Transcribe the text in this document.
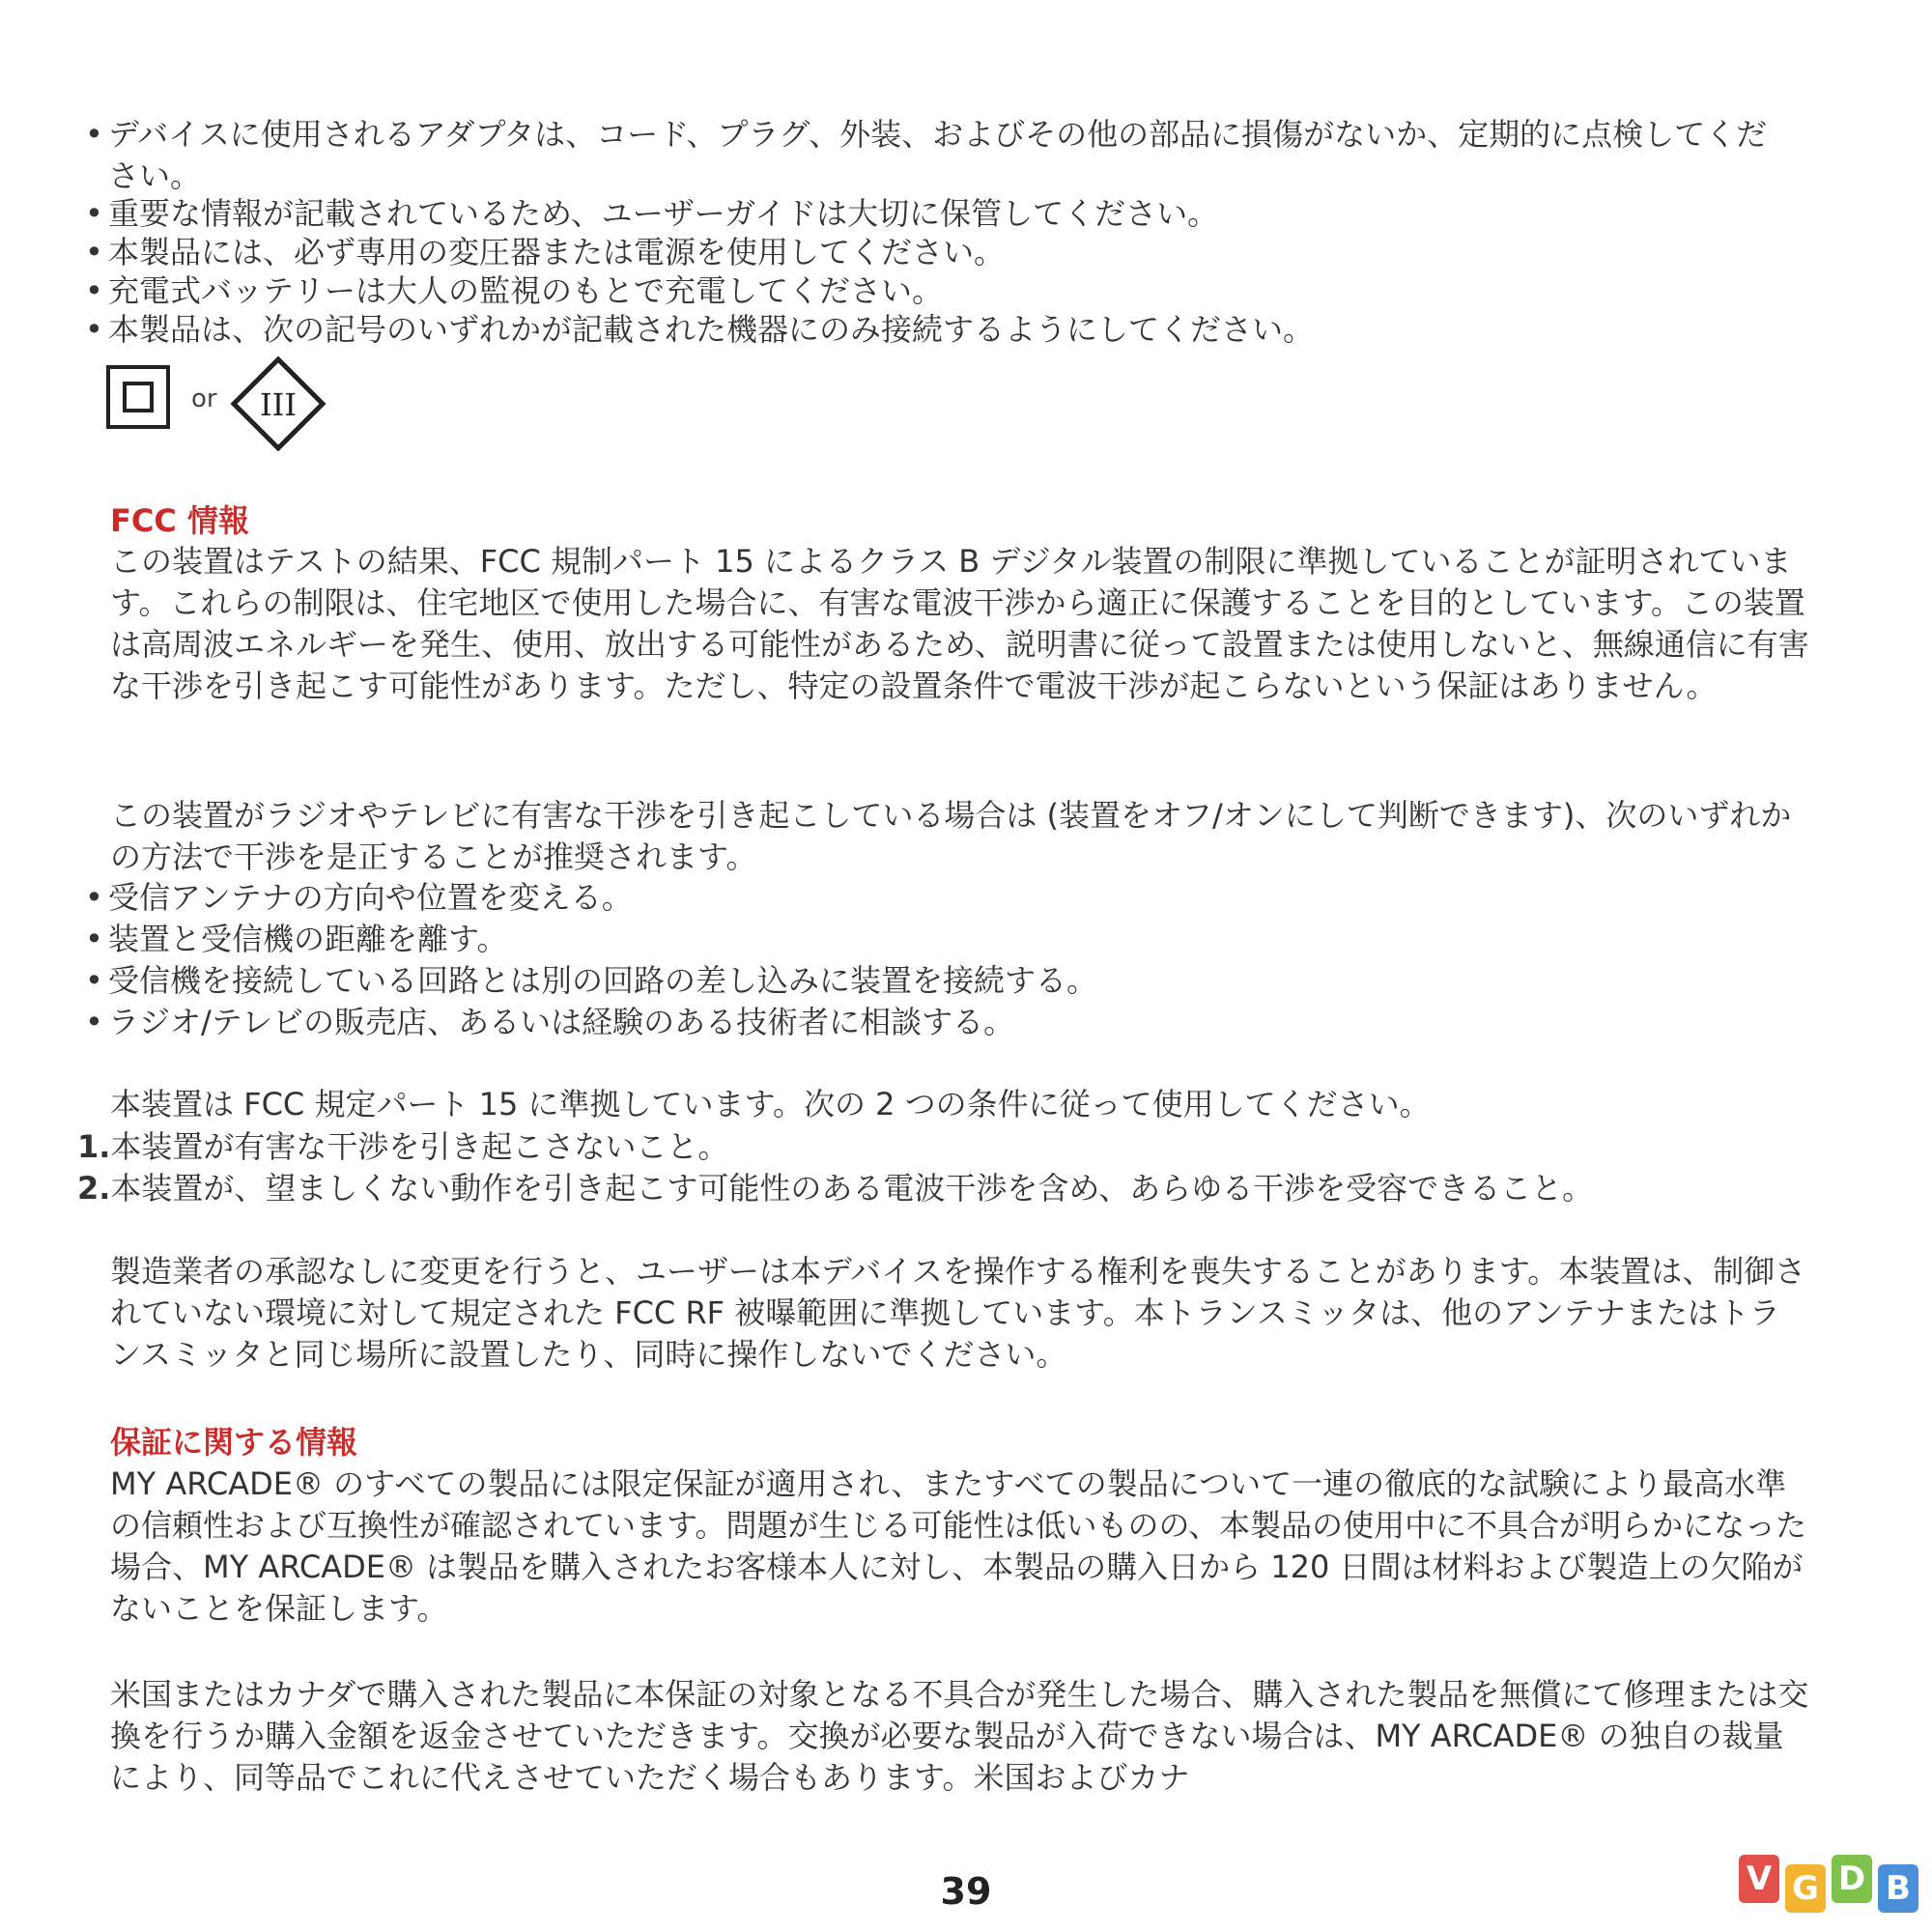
• デバイスに使用されるアダプタは、コード、プラグ、外装、およびその他の部品に損傷がないか、定期的に点検してください。
• 重要な情報が記載されているため、ユーザーガイドは大切に保管してください。
• 本製品には、必ず専用の変圧器または電源を使用してください。
• 充電式バッテリーは大人の監視のもとで充電してください。
• 本製品は、次の記号のいずれかが記載された機器にのみ接続するようにしてください。
or III
FCC 情報

この装置はテストの結果、FCC 規制パート 15 によるクラス B デジタル装置の制限に準拠していることが証明されています。これらの制限は、住宅地区で使用した場合に、有害な電波干渉から適正に保護することを目的としています。この装置は高周波エネルギーを発生、使用、放出する可能性があるため、説明書に従って設置または使用しないと、無線通信に有害な干渉を引き起こす可能性があります。ただし、特定の設置条件で電波干渉が起こらないという保証はありません。

この装置がラジオやテレビに有害な干渉を引き起こしている場合は (装置をオフ/オンにして判断できます)、次のいずれかの方法で干渉を是正することが推奨されます。

• 受信アンテナの方向や位置を変える。
• 装置と受信機の距離を離す。
• 受信機を接続している回路とは別の回路の差し込みに装置を接続する。
• ラジオ/テレビの販売店、あるいは経験のある技術者に相談する。

本装置は FCC 規定パート 15 に準拠しています。次の 2 つの条件に従って使用してください。

1.本装置が有害な干渉を引き起こさないこと。
2.本装置が、望ましくない動作を引き起こす可能性のある電波干渉を含め、あらゆる干渉を受容できること。

製造業者の承認なしに変更を行うと、ユーザーは本デバイスを操作する権利を喪失することがあります。本装置は、制御されていない環境に対して規定された FCC RF 被曝範囲に準拠しています。本トランスミッタは、他のアンテナまたはトランスミッタと同じ場所に設置したり、同時に操作しないでください。

保証に関する情報

MY ARCADE® のすべての製品には限定保証が適用され、またすべての製品について一連の徹底的な試験により最高水準の信頼性および互換性が確認されています。問題が生じる可能性は低いものの、本製品の使用中に不具合が明らかになった場合、MY ARCADE® は製品を購入されたお客様本人に対し、本製品の購入日から 120 日間は材料および製造上の欠陥がないことを保証します。

米国またはカナダで購入された製品に本保証の対象となる不具合が発生した場合、購入された製品を無償にて修理または交換を行うか購入金額を返金させていただきます。交換が必要な製品が入荷できない場合は、MY ARCADE® の独自の裁量により、同等品でこれに代えさせていただく場合もあります。米国およびカナ

39	V G D B
